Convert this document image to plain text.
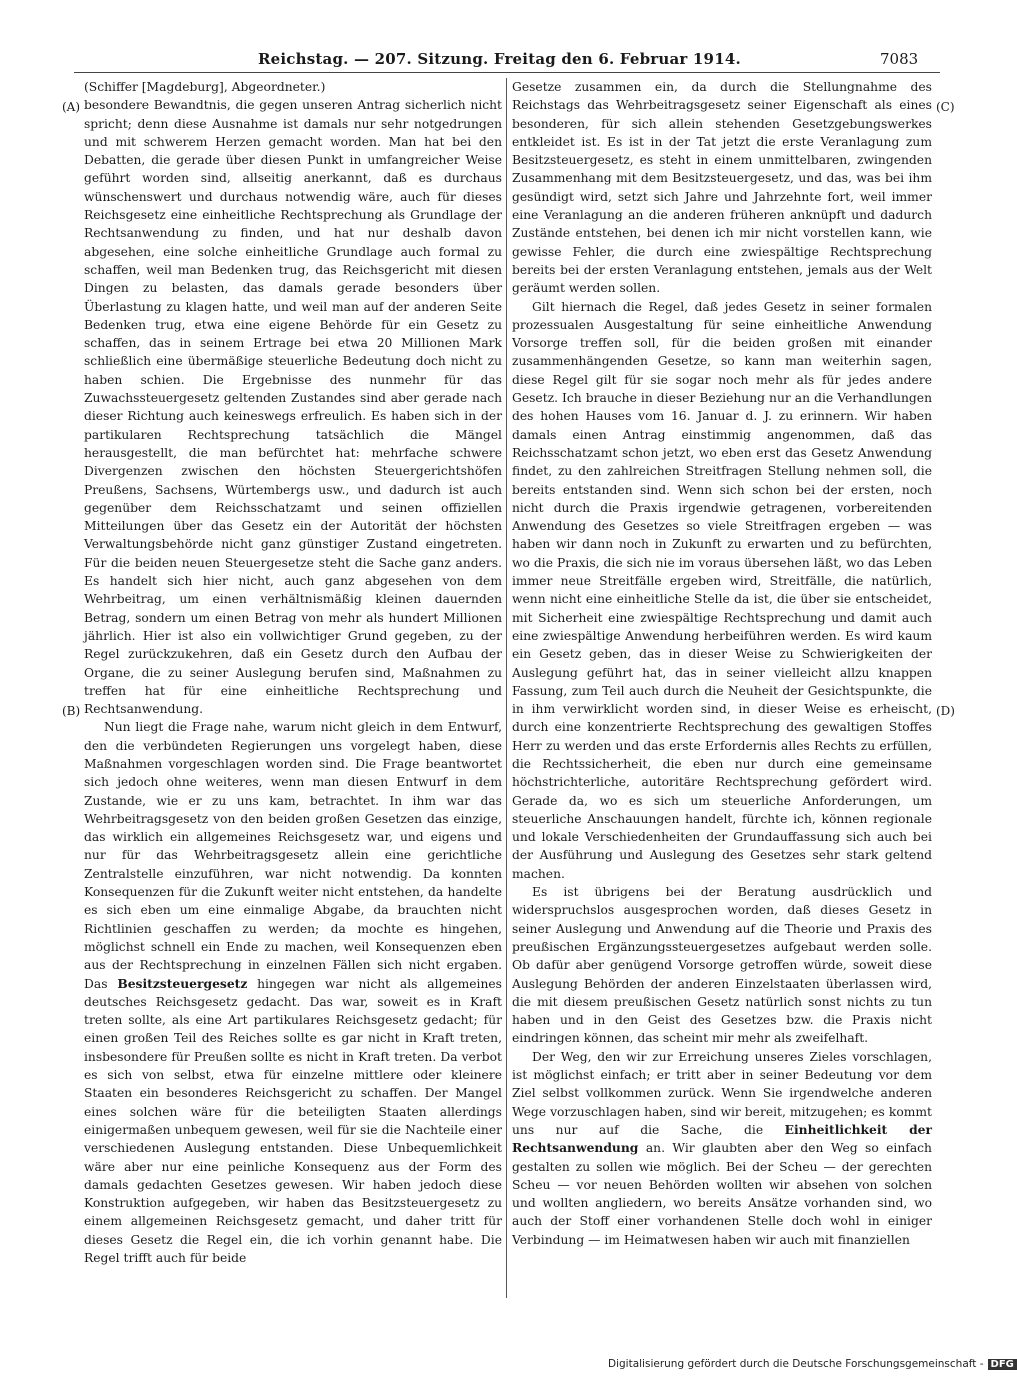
Reichstag. — 207. Sitzung. Freitag den 6. Februar 1914.	7083
(A)
(B)
(C)
(D)

(Schiffer [Magdeburg], Abgeordneter.)

besondere Bewandtnis, die gegen unseren Antrag sicherlich nicht spricht; denn diese Ausnahme ist damals nur sehr notgedrungen und mit schwerem Herzen gemacht worden. Man hat bei den Debatten, die gerade über diesen Punkt in umfangreicher Weise geführt worden sind, allseitig anerkannt, daß es durchaus wünschenswert und durchaus notwendig wäre, auch für dieses Reichsgesetz eine einheitliche Rechtsprechung als Grundlage der Rechtsanwendung zu finden, und hat nur deshalb davon abgesehen, eine solche einheitliche Grundlage auch formal zu schaffen, weil man Bedenken trug, das Reichsgericht mit diesen Dingen zu belasten, das damals gerade besonders über Überlastung zu klagen hatte, und weil man auf der anderen Seite Bedenken trug, etwa eine eigene Behörde für ein Gesetz zu schaffen, das in seinem Ertrage bei etwa 20 Millionen Mark schließlich eine übermäßige steuerliche Bedeutung doch nicht zu haben schien. Die Ergebnisse des nunmehr für das Zuwachssteuergesetz geltenden Zustandes sind aber gerade nach dieser Richtung auch keineswegs erfreulich. Es haben sich in der partikularen Rechtsprechung tatsächlich die Mängel herausgestellt, die man befürchtet hat: mehrfache schwere Divergenzen zwischen den höchsten Steuergerichtshöfen Preußens, Sachsens, Würtembergs usw., und dadurch ist auch gegenüber dem Reichsschatzamt und seinen offiziellen Mitteilungen über das Gesetz ein der Autorität der höchsten Verwaltungsbehörde nicht ganz günstiger Zustand eingetreten. Für die beiden neuen Steuergesetze steht die Sache ganz anders. Es handelt sich hier nicht, auch ganz abgesehen von dem Wehrbeitrag, um einen verhältnismäßig kleinen dauernden Betrag, sondern um einen Betrag von mehr als hundert Millionen jährlich. Hier ist also ein vollwichtiger Grund gegeben, zu der Regel zurückzukehren, daß ein Gesetz durch den Aufbau der Organe, die zu seiner Auslegung berufen sind, Maßnahmen zu treffen hat für eine einheitliche Rechtsprechung und Rechtsanwendung.

Nun liegt die Frage nahe, warum nicht gleich in dem Entwurf, den die verbündeten Regierungen uns vorgelegt haben, diese Maßnahmen vorgeschlagen worden sind. Die Frage beantwortet sich jedoch ohne weiteres, wenn man diesen Entwurf in dem Zustande, wie er zu uns kam, betrachtet. In ihm war das Wehrbeitragsgesetz von den beiden großen Gesetzen das einzige, das wirklich ein allgemeines Reichsgesetz war, und eigens und nur für das Wehrbeitragsgesetz allein eine gerichtliche Zentralstelle einzuführen, war nicht notwendig. Da konnten Konsequenzen für die Zukunft weiter nicht entstehen, da handelte es sich eben um eine einmalige Abgabe, da brauchten nicht Richtlinien geschaffen zu werden; da mochte es hingehen, möglichst schnell ein Ende zu machen, weil Konsequenzen eben aus der Rechtsprechung in einzelnen Fällen sich nicht ergaben. Das Besitzsteuergesetz hingegen war nicht als allgemeines deutsches Reichsgesetz gedacht. Das war, soweit es in Kraft treten sollte, als eine Art partikulares Reichsgesetz gedacht; für einen großen Teil des Reiches sollte es gar nicht in Kraft treten, insbesondere für Preußen sollte es nicht in Kraft treten. Da verbot es sich von selbst, etwa für einzelne mittlere oder kleinere Staaten ein besonderes Reichsgericht zu schaffen. Der Mangel eines solchen wäre für die beteiligten Staaten allerdings einigermaßen unbequem gewesen, weil für sie die Nachteile einer verschiedenen Auslegung entstanden. Diese Unbequemlichkeit wäre aber nur eine peinliche Konsequenz aus der Form des damals gedachten Gesetzes gewesen. Wir haben jedoch diese Konstruktion aufgegeben, wir haben das Besitzsteuergesetz zu einem allgemeinen Reichsgesetz gemacht, und daher tritt für dieses Gesetz die Regel ein, die ich vorhin genannt habe. Die Regel trifft auch für beide

Gesetze zusammen ein, da durch die Stellungnahme des Reichstags das Wehrbeitragsgesetz seiner Eigenschaft als eines besonderen, für sich allein stehenden Gesetzgebungswerkes entkleidet ist. Es ist in der Tat jetzt die erste Veranlagung zum Besitzsteuergesetz, es steht in einem unmittelbaren, zwingenden Zusammenhang mit dem Besitzsteuergesetz, und das, was bei ihm gesündigt wird, setzt sich Jahre und Jahrzehnte fort, weil immer eine Veranlagung an die anderen früheren anknüpft und dadurch Zustände entstehen, bei denen ich mir nicht vorstellen kann, wie gewisse Fehler, die durch eine zwiespältige Rechtsprechung bereits bei der ersten Veranlagung entstehen, jemals aus der Welt geräumt werden sollen.

Gilt hiernach die Regel, daß jedes Gesetz in seiner formalen prozessualen Ausgestaltung für seine einheitliche Anwendung Vorsorge treffen soll, für die beiden großen mit einander zusammenhängenden Gesetze, so kann man weiterhin sagen, diese Regel gilt für sie sogar noch mehr als für jedes andere Gesetz. Ich brauche in dieser Beziehung nur an die Verhandlungen des hohen Hauses vom 16. Januar d. J. zu erinnern. Wir haben damals einen Antrag einstimmig angenommen, daß das Reichsschatzamt schon jetzt, wo eben erst das Gesetz Anwendung findet, zu den zahlreichen Streitfragen Stellung nehmen soll, die bereits entstanden sind. Wenn sich schon bei der ersten, noch nicht durch die Praxis irgendwie getragenen, vorbereitenden Anwendung des Gesetzes so viele Streitfragen ergeben — was haben wir dann noch in Zukunft zu erwarten und zu befürchten, wo die Praxis, die sich nie im voraus übersehen läßt, wo das Leben immer neue Streitfälle ergeben wird, Streitfälle, die natürlich, wenn nicht eine einheitliche Stelle da ist, die über sie entscheidet, mit Sicherheit eine zwiespältige Rechtsprechung und damit auch eine zwiespältige Anwendung herbeiführen werden. Es wird kaum ein Gesetz geben, das in dieser Weise zu Schwierigkeiten der Auslegung geführt hat, das in seiner vielleicht allzu knappen Fassung, zum Teil auch durch die Neuheit der Gesichtspunkte, die in ihm verwirklicht worden sind, in dieser Weise es erheischt, durch eine konzentrierte Rechtsprechung des gewaltigen Stoffes Herr zu werden und das erste Erfordernis alles Rechts zu erfüllen, die Rechtssicherheit, die eben nur durch eine gemeinsame höchstrichterliche, autoritäre Rechtsprechung gefördert wird. Gerade da, wo es sich um steuerliche Anforderungen, um steuerliche Anschauungen handelt, fürchte ich, können regionale und lokale Verschiedenheiten der Grundauffassung sich auch bei der Ausführung und Auslegung des Gesetzes sehr stark geltend machen.

Es ist übrigens bei der Beratung ausdrücklich und widerspruchslos ausgesprochen worden, daß dieses Gesetz in seiner Auslegung und Anwendung auf die Theorie und Praxis des preußischen Ergänzungssteuergesetzes aufgebaut werden solle. Ob dafür aber genügend Vorsorge getroffen würde, soweit diese Auslegung Behörden der anderen Einzelstaaten überlassen wird, die mit diesem preußischen Gesetz natürlich sonst nichts zu tun haben und in den Geist des Gesetzes bzw. die Praxis nicht eindringen können, das scheint mir mehr als zweifelhaft.

Der Weg, den wir zur Erreichung unseres Zieles vorschlagen, ist möglichst einfach; er tritt aber in seiner Bedeutung vor dem Ziel selbst vollkommen zurück. Wenn Sie irgendwelche anderen Wege vorzuschlagen haben, sind wir bereit, mitzugehen; es kommt uns nur auf die Sache, die Einheitlichkeit der Rechtsanwendung an. Wir glaubten aber den Weg so einfach gestalten zu sollen wie möglich. Bei der Scheu — der gerechten Scheu — vor neuen Behörden wollten wir absehen von solchen und wollten angliedern, wo bereits Ansätze vorhanden sind, wo auch der Stoff einer vorhandenen Stelle doch wohl in einiger Verbindung — im Heimatwesen haben wir auch mit finanziellen

Digitalisierung gefördert durch die Deutsche Forschungsgemeinschaft - DFG
